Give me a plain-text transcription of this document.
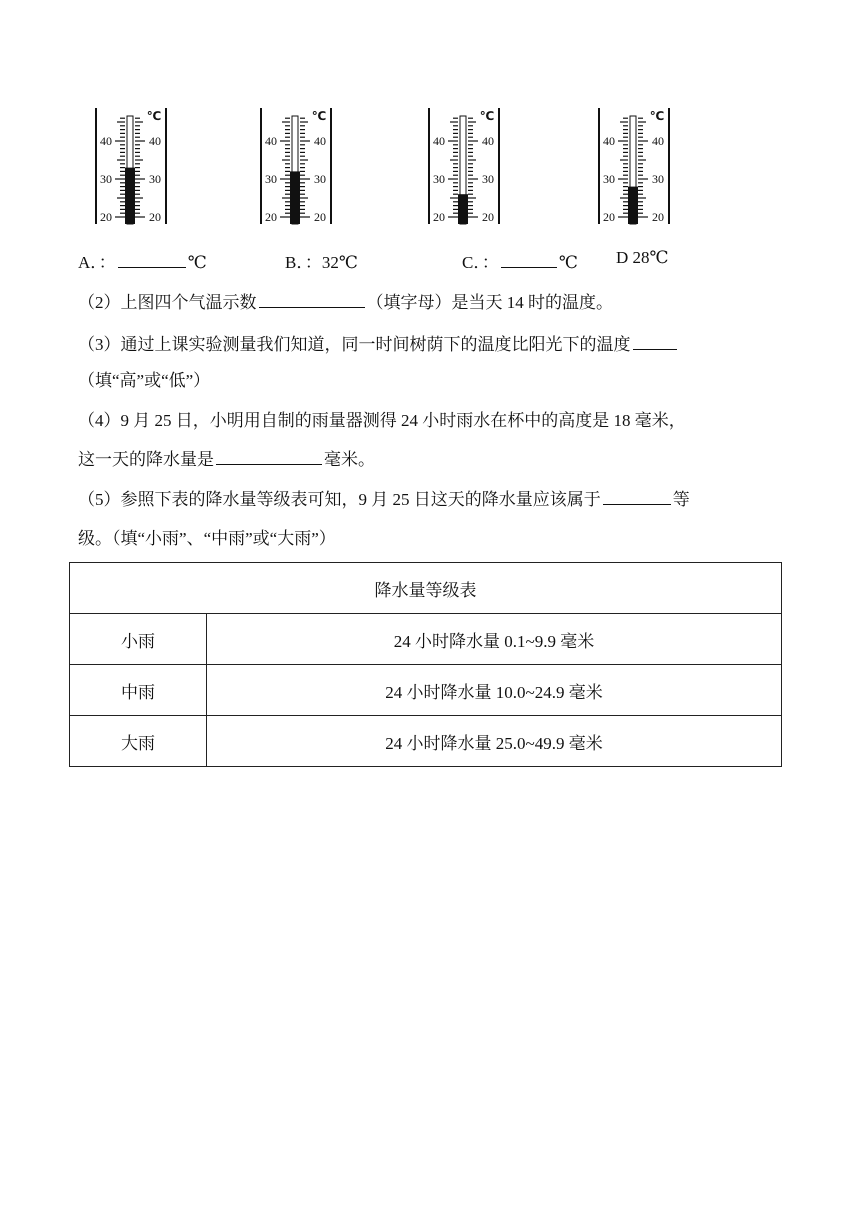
℃
40	40
30	30
20	20
℃
40	40
30	30
20	20
℃
40	40
30	30
20	20
℃
40	40
30	30
20	20
A．：	℃	B．：32℃	C．：	℃ D 28℃
（2）上图四个气温示数	（填字母）是当天 14 时的温度。
（3）通过上课实验测量我们知道，同一时间树荫下的温度比阳光下的温度
（填“高”或“低”）
（4）9 月 25 日，小明用自制的雨量器测得 24 小时雨水在杯中的高度是 18 毫米，
这一天的降水量是	毫米。
（5）参照下表的降水量等级表可知，9 月 25 日这天的降水量应该属于	等
级。（填“小雨”、“中雨”或“大雨”）
降水量等级表	
小雨	24 小时降水量 0.1~9.9 毫米
中雨	24 小时降水量 10.0~24.9 毫米
大雨	24 小时降水量 25.0~49.9 毫米
